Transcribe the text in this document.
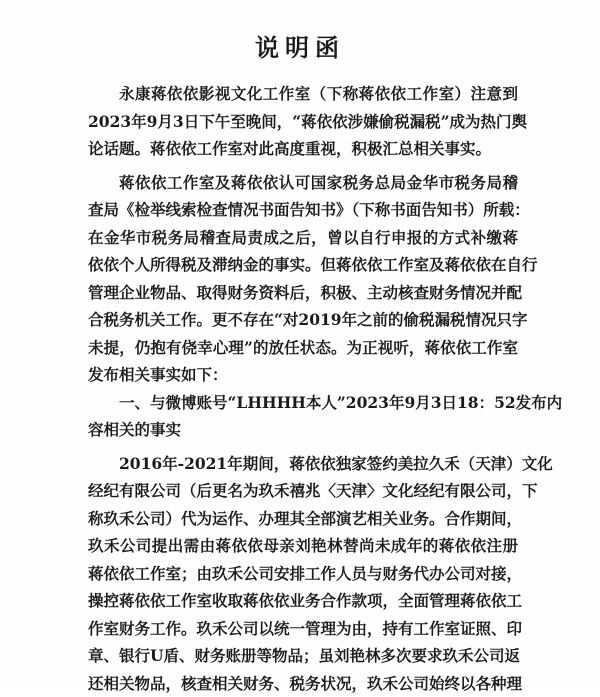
说明函
永康蒋依依影视文化工作室（下称蒋依依工作室）注意到
2023年9月3日下午至晚间，“蒋依依涉嫌偷税漏税”成为热门舆
论话题。蒋依依工作室对此高度重视，积极汇总相关事实。
蒋依依工作室及蒋依依认可国家税务总局金华市税务局稽
查局《检举线索检查情况书面告知书》（下称书面告知书）所载：
在金华市税务局稽查局责成之后，曾以自行申报的方式补缴蒋
依依个人所得税及滞纳金的事实。但蒋依依工作室及蒋依依在自行
管理企业物品、取得财务资料后，积极、主动核查财务情况并配
合税务机关工作。更不存在“对2019年之前的偷税漏税情况只字
未提，仍抱有侥幸心理”的放任状态。为正视听，蒋依依工作室
发布相关事实如下：
一、与微博账号“LHHHH本人”2023年9月3日18：52发布内
容相关的事实
2016年-2021年期间，蒋依依独家签约美拉久禾（天津）文化
经纪有限公司（后更名为玖禾禧兆〈天津〉文化经纪有限公司，下
称玖禾公司）代为运作、办理其全部演艺相关业务。合作期间，
玖禾公司提出需由蒋依依母亲刘艳林替尚未成年的蒋依依注册
蒋依依工作室；由玖禾公司安排工作人员与财务代办公司对接，
操控蒋依依工作室收取蒋依依业务合作款项，全面管理蒋依依工
作室财务工作。玖禾公司以统一管理为由，持有工作室证照、印
章、银行U盾、财务账册等物品；虽刘艳林多次要求玖禾公司返
还相关物品，核查相关财务、税务状况，玖禾公司始终以各种理
